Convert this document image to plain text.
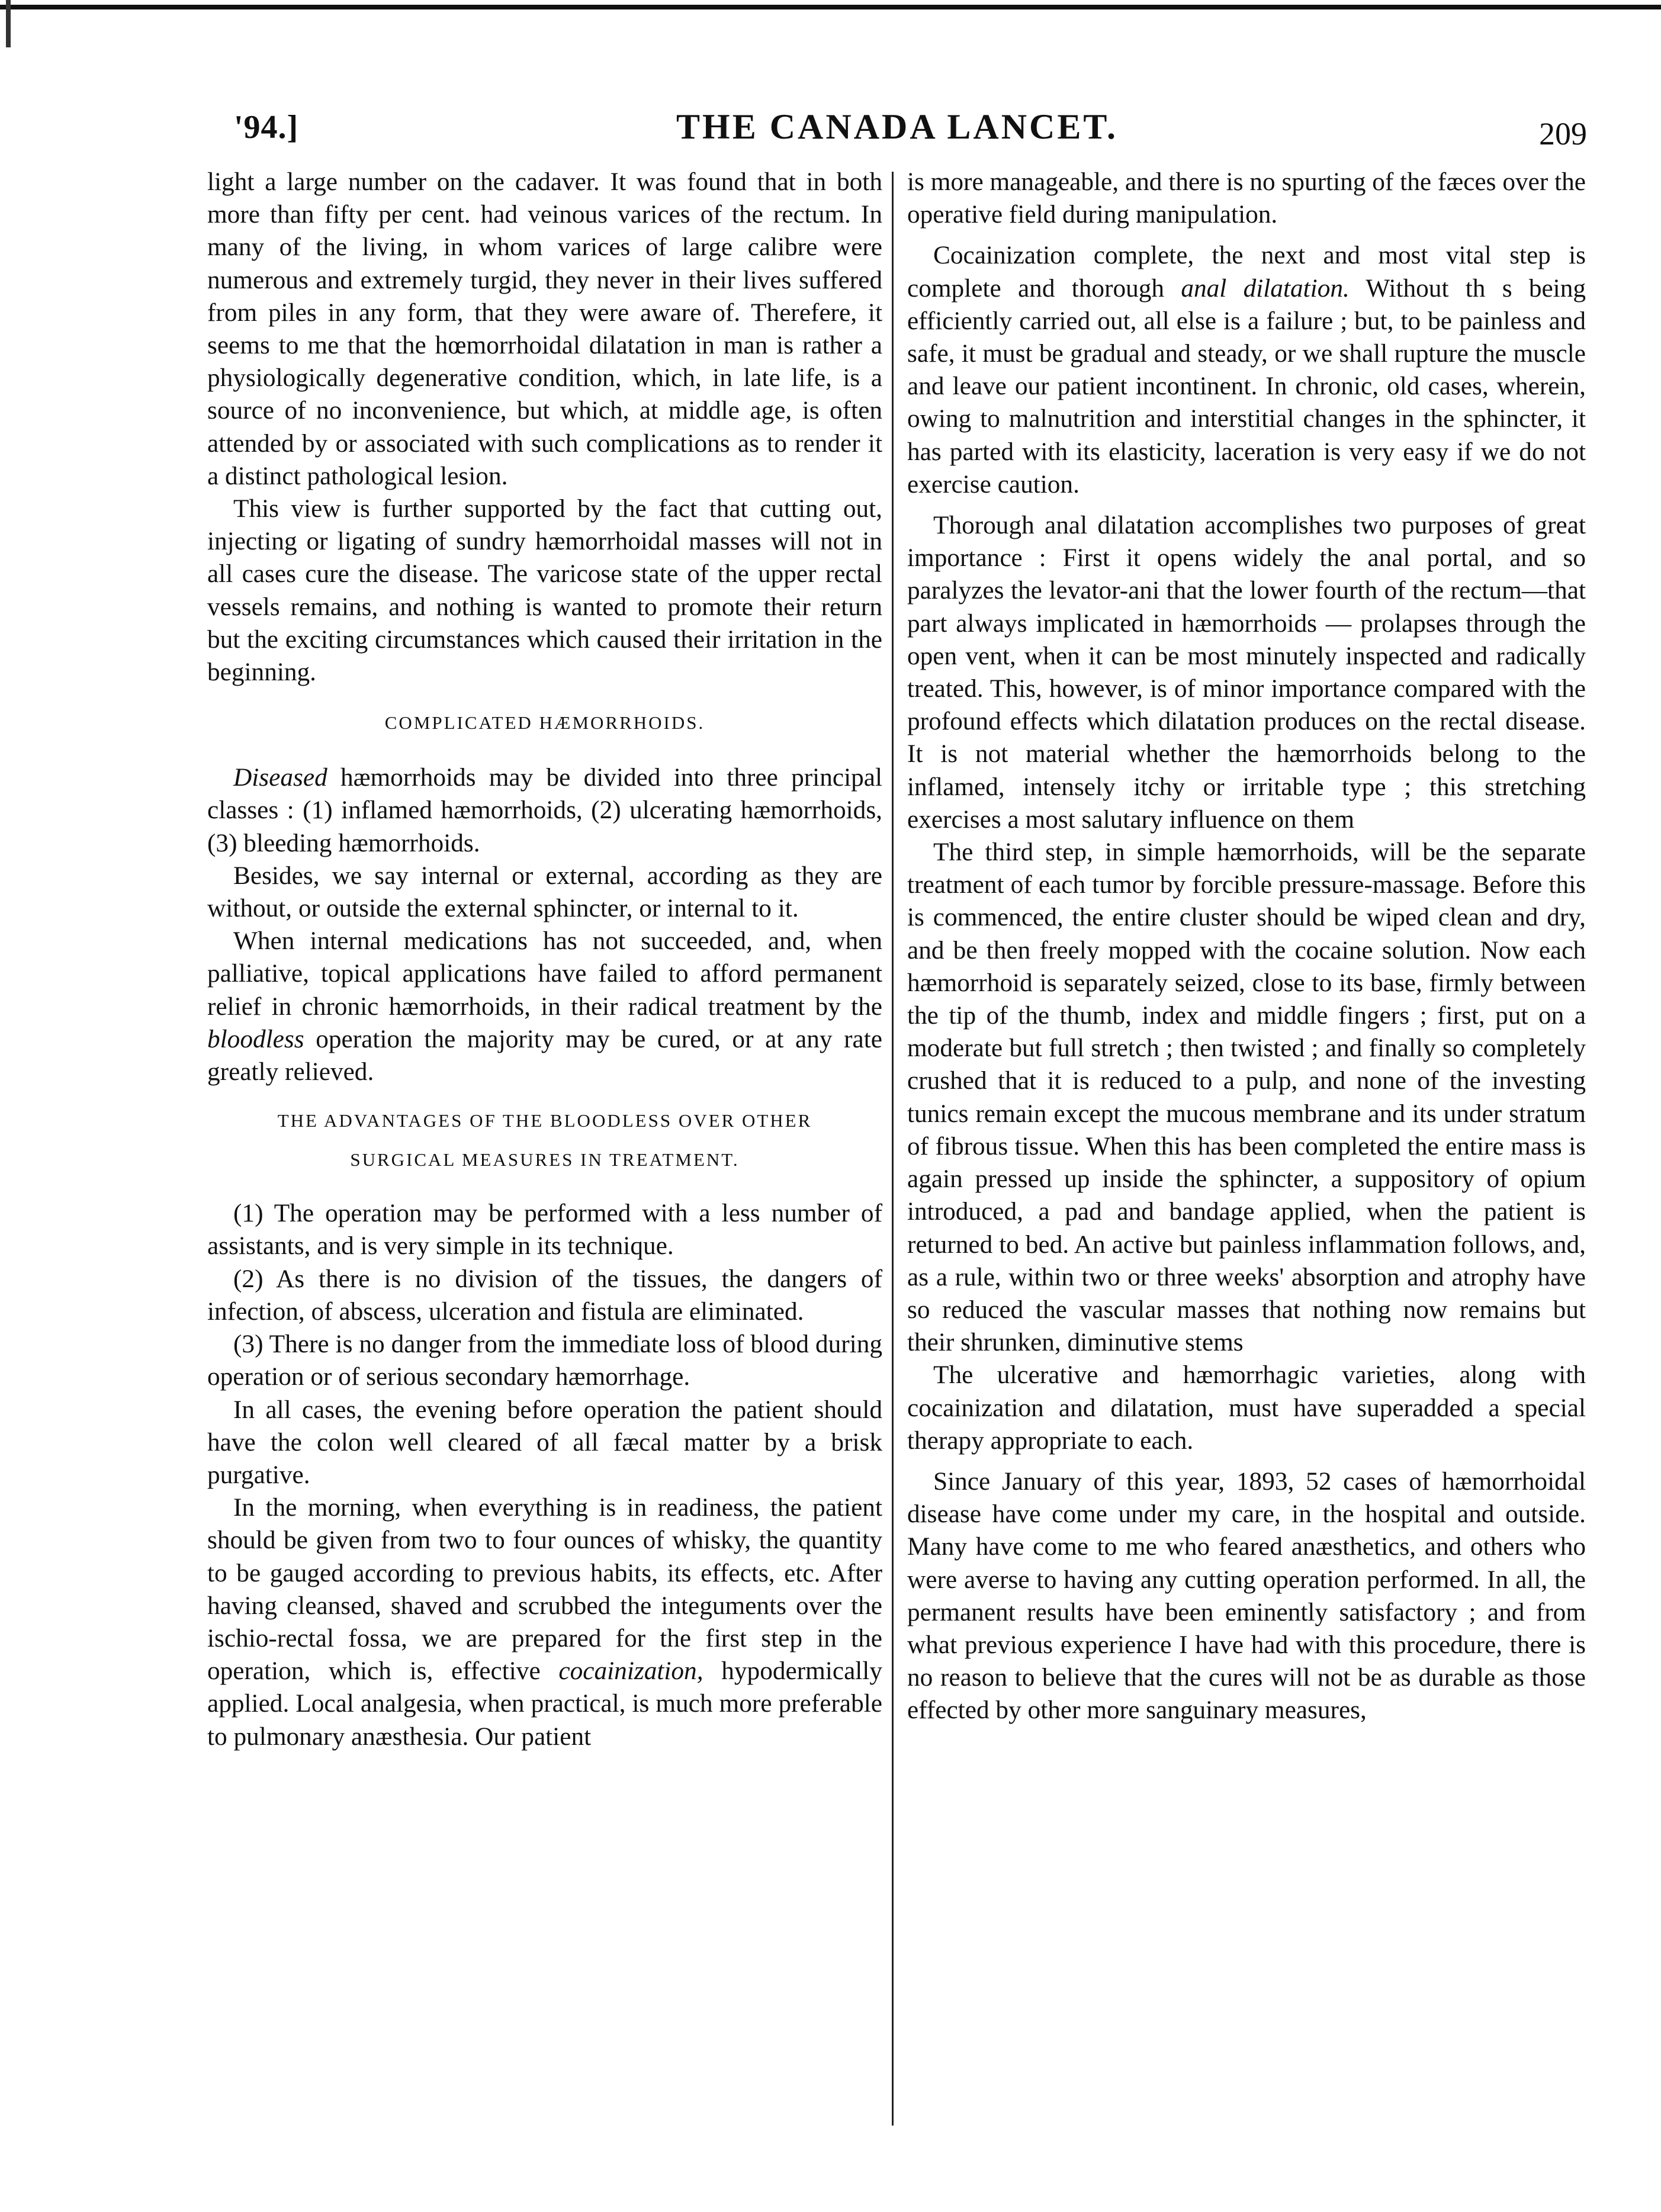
'94.]	THE CANADA LANCET.	209

light a large number on the cadaver. It was found that in both more than fifty per cent. had veinous varices of the rectum. In many of the living, in whom varices of large calibre were numerous and extremely turgid, they never in their lives suffered from piles in any form, that they were aware of. Therefere, it seems to me that the hœmorrhoidal dilatation in man is rather a physiologically degenerative condition, which, in late life, is a source of no inconvenience, but which, at middle age, is often attended by or associated with such complications as to render it a distinct pathological lesion.

This view is further supported by the fact that cutting out, injecting or ligating of sundry hæmorrhoidal masses will not in all cases cure the disease. The varicose state of the upper rectal vessels remains, and nothing is wanted to promote their return but the exciting circumstances which caused their irritation in the beginning.

COMPLICATED HÆMORRHOIDS.

Diseased hæmorrhoids may be divided into three principal classes : (1) inflamed hæmorrhoids, (2) ulcerating hæmorrhoids, (3) bleeding hæmorrhoids.

Besides, we say internal or external, according as they are without, or outside the external sphincter, or internal to it.

When internal medications has not succeeded, and, when palliative, topical applications have failed to afford permanent relief in chronic hæmorrhoids, in their radical treatment by the bloodless operation the majority may be cured, or at any rate greatly relieved.

THE ADVANTAGES OF THE BLOODLESS OVER OTHER
SURGICAL MEASURES IN TREATMENT.

(1) The operation may be performed with a less number of assistants, and is very simple in its technique.

(2) As there is no division of the tissues, the dangers of infection, of abscess, ulceration and fistula are eliminated.

(3) There is no danger from the immediate loss of blood during operation or of serious secondary hæmorrhage.

In all cases, the evening before operation the patient should have the colon well cleared of all fæcal matter by a brisk purgative.

In the morning, when everything is in readiness, the patient should be given from two to four ounces of whisky, the quantity to be gauged according to previous habits, its effects, etc. After having cleansed, shaved and scrubbed the integuments over the ischio-rectal fossa, we are prepared for the first step in the operation, which is, effective cocainization, hypodermically applied. Local analgesia, when practical, is much more preferable to pulmonary anæsthesia. Our patient

is more manageable, and there is no spurting of the fæces over the operative field during manipulation.

Cocainization complete, the next and most vital step is complete and thorough anal dilatation. Without th s being efficiently carried out, all else is a failure ; but, to be painless and safe, it must be gradual and steady, or we shall rupture the muscle and leave our patient incontinent. In chronic, old cases, wherein, owing to malnutrition and interstitial changes in the sphincter, it has parted with its elasticity, laceration is very easy if we do not exercise caution.

Thorough anal dilatation accomplishes two purposes of great importance : First it opens widely the anal portal, and so paralyzes the levator-ani that the lower fourth of the rectum—that part always implicated in hæmorrhoids — prolapses through the open vent, when it can be most minutely inspected and radically treated. This, however, is of minor importance compared with the profound effects which dilatation produces on the rectal disease. It is not material whether the hæmorrhoids belong to the inflamed, intensely itchy or irritable type ; this stretching exercises a most salutary influence on them

The third step, in simple hæmorrhoids, will be the separate treatment of each tumor by forcible pressure-massage. Before this is commenced, the entire cluster should be wiped clean and dry, and be then freely mopped with the cocaine solution. Now each hæmorrhoid is separately seized, close to its base, firmly between the tip of the thumb, index and middle fingers ; first, put on a moderate but full stretch ; then twisted ; and finally so completely crushed that it is reduced to a pulp, and none of the investing tunics remain except the mucous membrane and its under stratum of fibrous tissue. When this has been completed the entire mass is again pressed up inside the sphincter, a suppository of opium introduced, a pad and bandage applied, when the patient is returned to bed. An active but painless inflammation follows, and, as a rule, within two or three weeks' absorption and atrophy have so reduced the vascular masses that nothing now remains but their shrunken, diminutive stems

The ulcerative and hæmorrhagic varieties, along with cocainization and dilatation, must have superadded a special therapy appropriate to each.

Since January of this year, 1893, 52 cases of hæmorrhoidal disease have come under my care, in the hospital and outside. Many have come to me who feared anæsthetics, and others who were averse to having any cutting operation performed. In all, the permanent results have been eminently satisfactory ; and from what previous experience I have had with this procedure, there is no reason to believe that the cures will not be as durable as those effected by other more sanguinary measures,
